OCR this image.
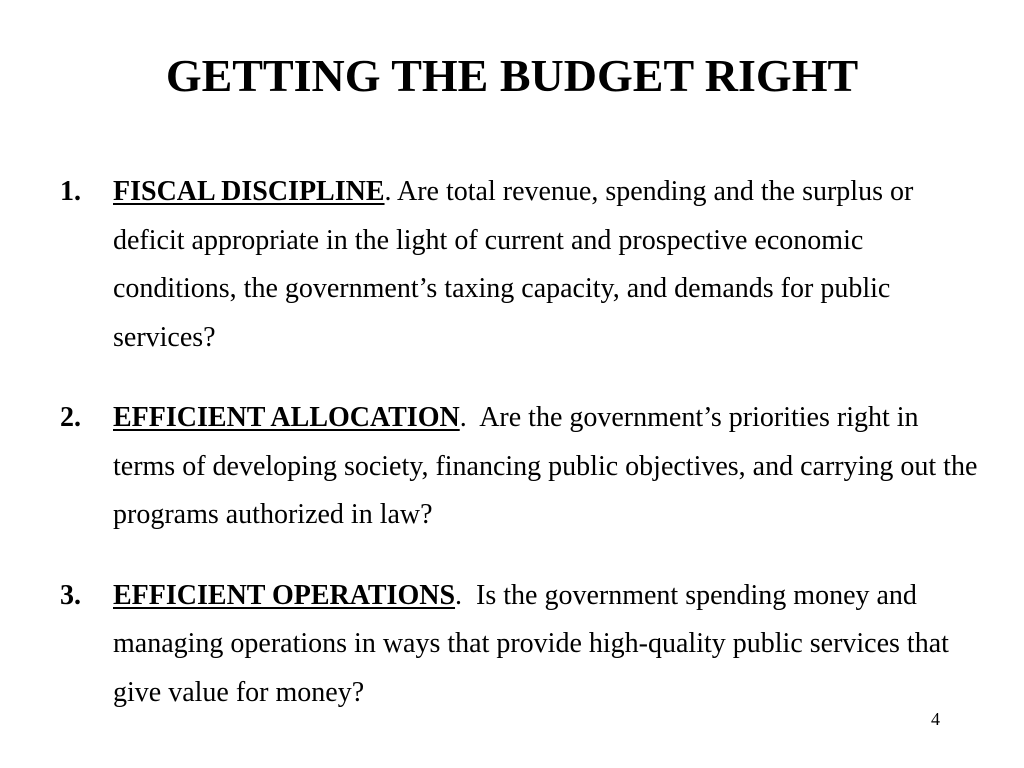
GETTING THE BUDGET RIGHT
1. FISCAL DISCIPLINE. Are total revenue, spending and the surplus or deficit appropriate in the light of current and prospective economic conditions, the government’s taxing capacity, and demands for public services?
2. EFFICIENT ALLOCATION.  Are the government’s priorities right in terms of developing society, financing public objectives, and carrying out the programs authorized in law?
3. EFFICIENT OPERATIONS.  Is the government spending money and managing operations in ways that provide high-quality public services that give value for money?
4
